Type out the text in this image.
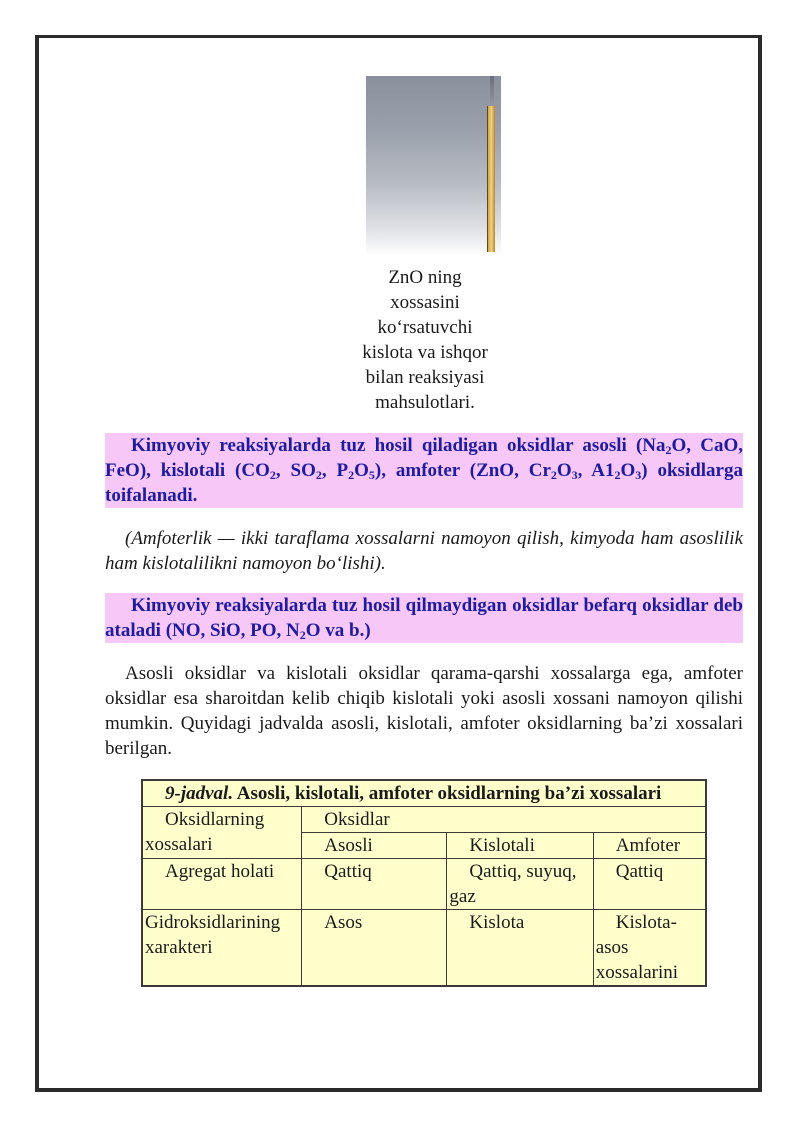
ZnO ning
xossasini
ko‘rsatuvchi
kislota va ishqor
bilan reaksiyasi
mahsulotlari.
Kimyoviy reaksiyalarda tuz hosil qiladigan oksidlar asosli ($Na_2O$, CaO, FeO), kislotali ($CO_2$, $SO_2$, $P_2O_5$), amfoter (ZnO, $Cr_2O_3$, $A1_2O_3$) oksidlarga toifalanadi.
(Amfoterlik — ikki taraflama xossalarni namoyon qilish, kimyoda ham asoslilik ham kislotalilikni namoyon bo‘lishi).
Kimyoviy reaksiyalarda tuz hosil qilmaydigan oksidlar befarq oksidlar deb ataladi (NO, SiO, PO, $N_2O$ va b.)
Asosli oksidlar va kislotali oksidlar qarama-qarshi xossalarga ega, amfoter oksidlar esa sharoitdan kelib chiqib kislotali yoki asosli xossani namoyon qilishi mumkin. Quyidagi jadvalda asosli, kislotali, amfoter oksidlarning ba’zi xossalari berilgan.
9-jadval. Asosli, kislotali, amfoter oksidlarning ba’zi xossalari			
Oksidlarning xossalari	Oksidlar		
	Asosli	Kislotali	Amfoter
Agregat holati	Qattiq	Qattiq, suyuq, gaz	Qattiq
Gidroksidlarining xarakteri	Asos	Kislota	Kislota-asos xossalarini
